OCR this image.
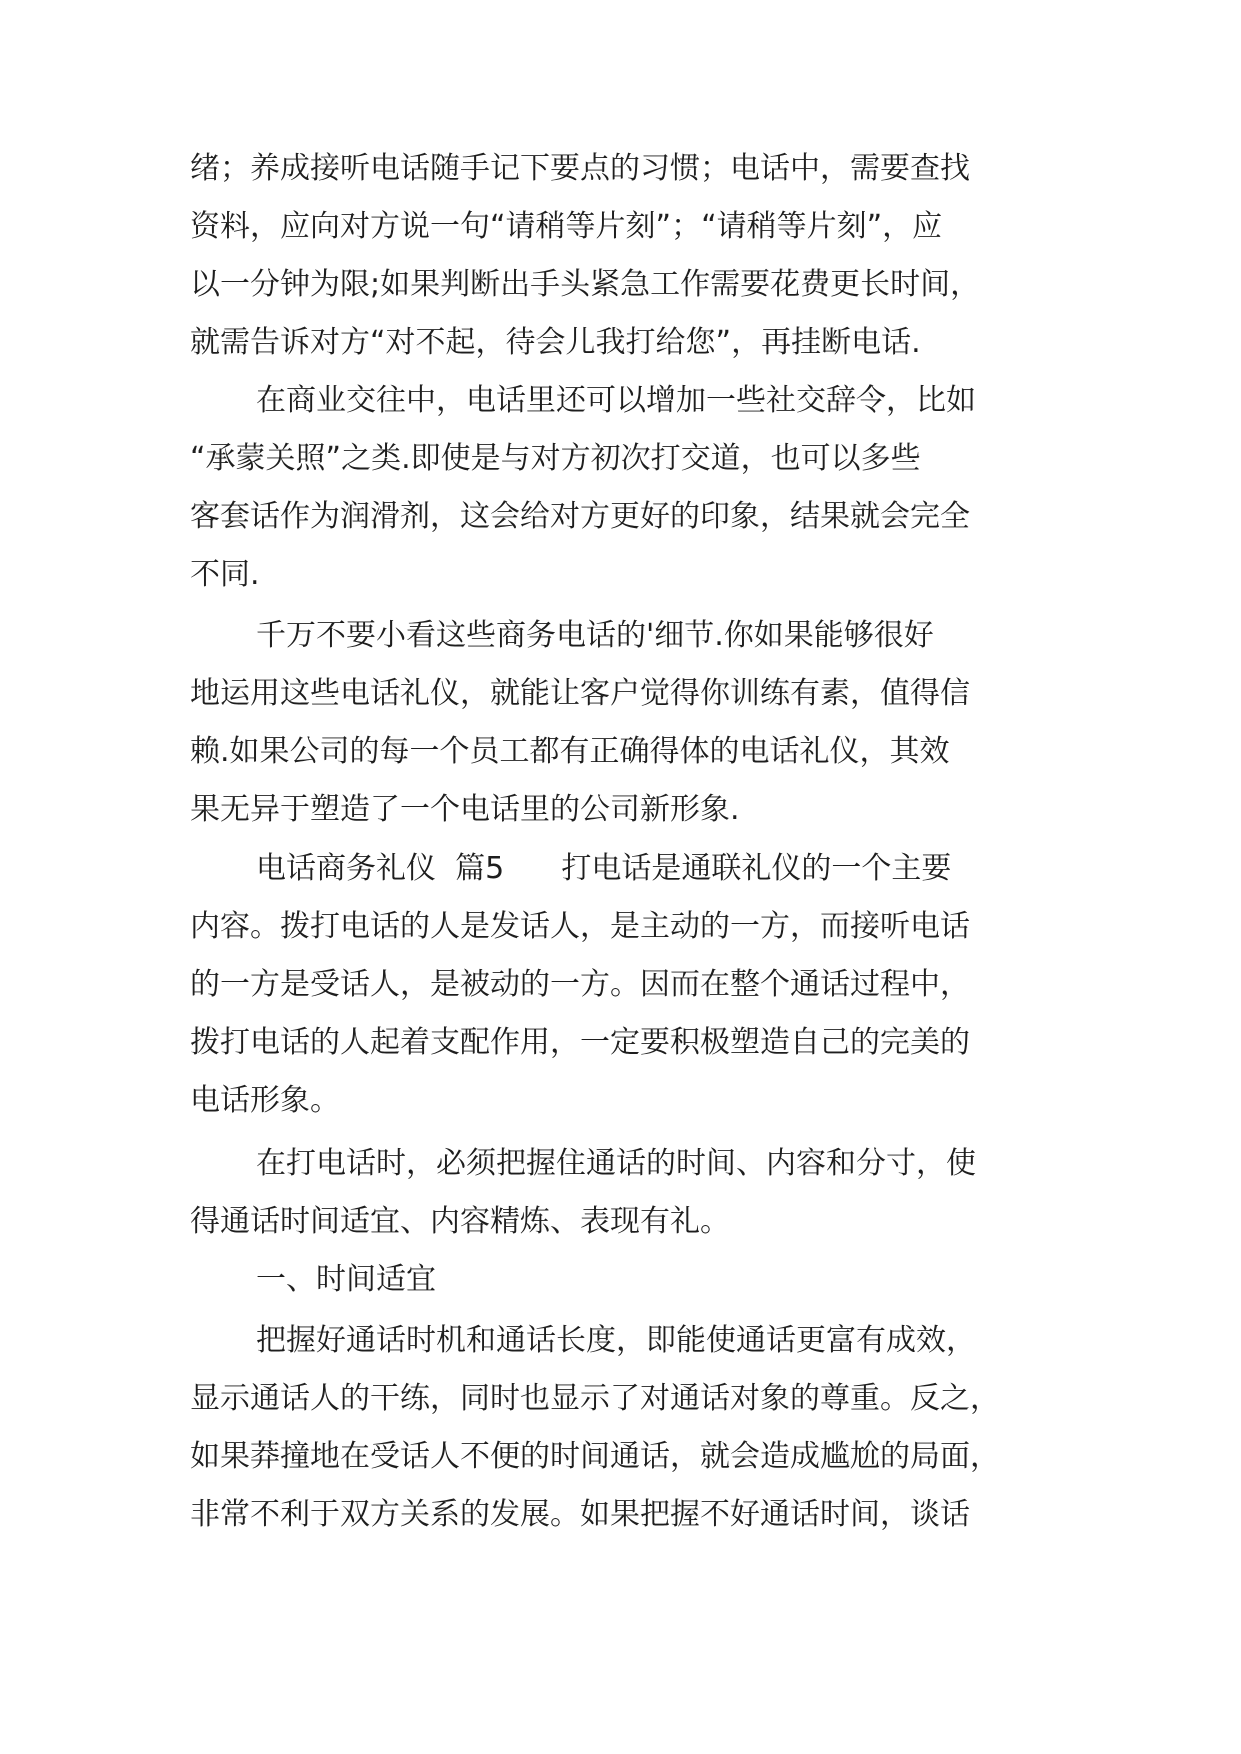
绪；养成接听电话随手记下要点的习惯；电话中，需要查找
资料，应向对方说一句“请稍等片刻”；“请稍等片刻”，应
以一分钟为限;如果判断出手头紧急工作需要花费更长时间，
就需告诉对方“对不起，待会儿我打给您”，再挂断电话.
在商业交往中，电话里还可以增加一些社交辞令，比如
“承蒙关照”之类.即使是与对方初次打交道，也可以多些
客套话作为润滑剂，这会给对方更好的印象，结果就会完全
不同.
千万不要小看这些商务电话的'细节.你如果能够很好
地运用这些电话礼仪，就能让客户觉得你训练有素，值得信
赖.如果公司的每一个员工都有正确得体的电话礼仪，其效
果无异于塑造了一个电话里的公司新形象.
电话商务礼仪  篇5      打电话是通联礼仪的一个主要
内容。拨打电话的人是发话人，是主动的一方，而接听电话
的一方是受话人，是被动的一方。因而在整个通话过程中，
拨打电话的人起着支配作用，一定要积极塑造自己的完美的
电话形象。
在打电话时，必须把握住通话的时间、内容和分寸，使
得通话时间适宜、内容精炼、表现有礼。
一、时间适宜
把握好通话时机和通话长度，即能使通话更富有成效，
显示通话人的干练，同时也显示了对通话对象的尊重。反之，
如果莽撞地在受话人不便的时间通话，就会造成尴尬的局面，
非常不利于双方关系的发展。如果把握不好通话时间，谈话
